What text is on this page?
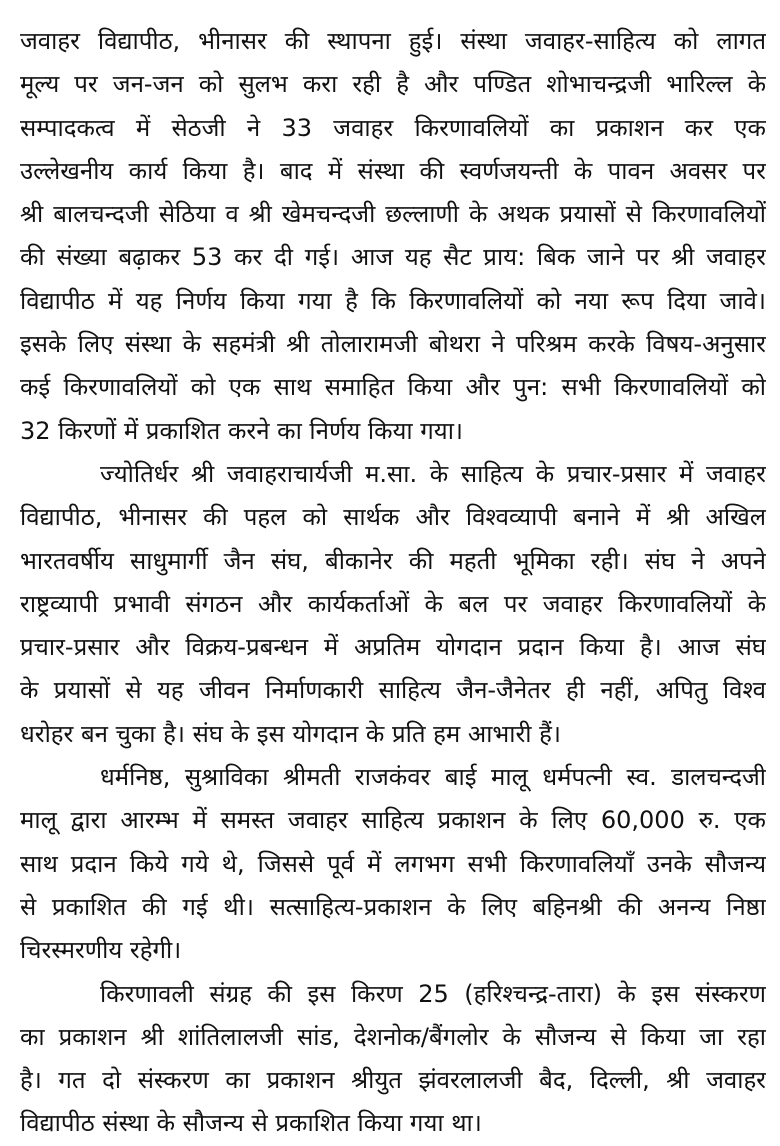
जवाहर विद्यापीठ, भीनासर की स्थापना हुई। संस्था जवाहर-साहित्य को लागत
मूल्य पर जन-जन को सुलभ करा रही है और पण्डित शोभाचन्द्रजी भारिल्ल के
सम्पादकत्व में सेठजी ने 33 जवाहर किरणावलियों का प्रकाशन कर एक
उल्लेखनीय कार्य किया है। बाद में संस्था की स्वर्णजयन्ती के पावन अवसर पर
श्री बालचन्दजी सेठिया व श्री खेमचन्दजी छल्लाणी के अथक प्रयासों से किरणावलियों
की संख्या बढ़ाकर 53 कर दी गई। आज यह सैट प्राय: बिक जाने पर श्री जवाहर
विद्यापीठ में यह निर्णय किया गया है कि किरणावलियों को नया रूप दिया जावे।
इसके लिए संस्था के सहमंत्री श्री तोलारामजी बोथरा ने परिश्रम करके विषय-अनुसार
कई किरणावलियों को एक साथ समाहित किया और पुन: सभी किरणावलियों को
32 किरणों में प्रकाशित करने का निर्णय किया गया।
ज्योतिर्धर श्री जवाहराचार्यजी म.सा. के साहित्य के प्रचार-प्रसार में जवाहर
विद्यापीठ, भीनासर की पहल को सार्थक और विश्वव्यापी बनाने में श्री अखिल
भारतवर्षीय साधुमार्गी जैन संघ, बीकानेर की महती भूमिका रही। संघ ने अपने
राष्ट्रव्यापी प्रभावी संगठन और कार्यकर्ताओं के बल पर जवाहर किरणावलियों के
प्रचार-प्रसार और विक्रय-प्रबन्धन में अप्रतिम योगदान प्रदान किया है। आज संघ
के प्रयासों से यह जीवन निर्माणकारी साहित्य जैन-जैनेतर ही नहीं, अपितु विश्व
धरोहर बन चुका है। संघ के इस योगदान के प्रति हम आभारी हैं।
धर्मनिष्ठ, सुश्राविका श्रीमती राजकंवर बाई मालू धर्मपत्नी स्व. डालचन्दजी
मालू द्वारा आरम्भ में समस्त जवाहर साहित्य प्रकाशन के लिए 60,000 रु. एक
साथ प्रदान किये गये थे, जिससे पूर्व में लगभग सभी किरणावलियाँ उनके सौजन्य
से प्रकाशित की गई थी। सत्साहित्य-प्रकाशन के लिए बहिनश्री की अनन्य निष्ठा
चिरस्मरणीय रहेगी।
किरणावली संग्रह की इस किरण 25 (हरिश्चन्द्र-तारा) के इस संस्करण
का प्रकाशन श्री शांतिलालजी सांड, देशनोक/बैंगलोर के सौजन्य से किया जा रहा
है। गत दो संस्करण का प्रकाशन श्रीयुत झंवरलालजी बैद, दिल्ली, श्री जवाहर
विद्यापीठ संस्था के सौजन्य से प्रकाशित किया गया था।
